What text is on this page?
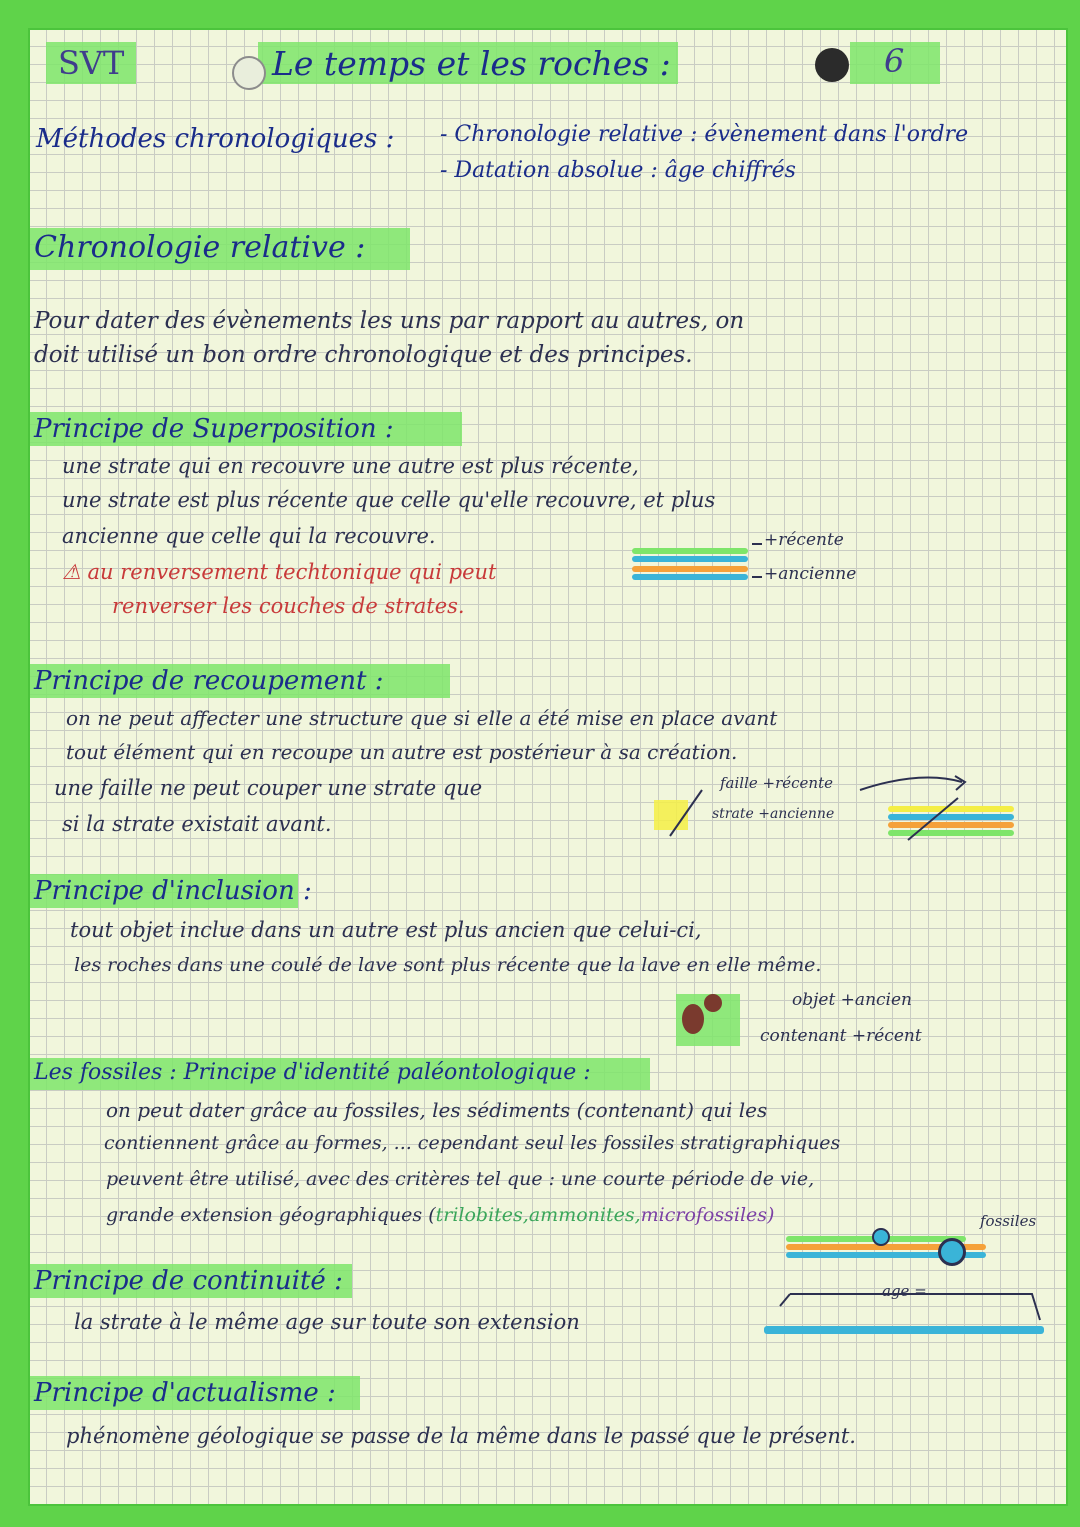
SVT	Le temps et les roches :	6
Méthodes chronologiques : - Chronologie relative : évènement dans l'ordre
- Datation absolue : âge chiffrés
Chronologie relative :
Pour dater des évènements les uns par rapport au autres, on
doit utilisé un bon ordre chronologique et des principes.
Principe de Superposition :
une strate qui en recouvre une autre est plus récente,
une strate est plus récente que celle qu'elle recouvre, et plus
ancienne que celle qui la recouvre.
⚠ au renversement techtonique qui peut
renverser les couches de strates.
+récente
+ancienne
Principe de recoupement :
on ne peut affecter une structure que si elle a été mise en place avant
tout élément qui en recoupe un autre est postérieur à sa création.
une faille ne peut couper une strate que
si la strate existait avant.
faille +récente
strate +ancienne
Principe d'inclusion :
tout objet inclue dans un autre est plus ancien que celui-ci,
les roches dans une coulé de lave sont plus récente que la lave en elle même.
objet +ancien
contenant +récent
Les fossiles : Principe d'identité paléontologique :
on peut dater grâce au fossiles, les sédiments (contenant) qui les
contiennent grâce au formes, ... cependant seul les fossiles stratigraphiques
peuvent être utilisé, avec des critères tel que : une courte période de vie,
grande extension géographiques (trilobites,ammonites,microfossiles)	fossiles
Principe de continuité :
la strate à le même age sur toute son extension
age =
Principe d'actualisme :
phénomène géologique se passe de la même dans le passé que le présent.
